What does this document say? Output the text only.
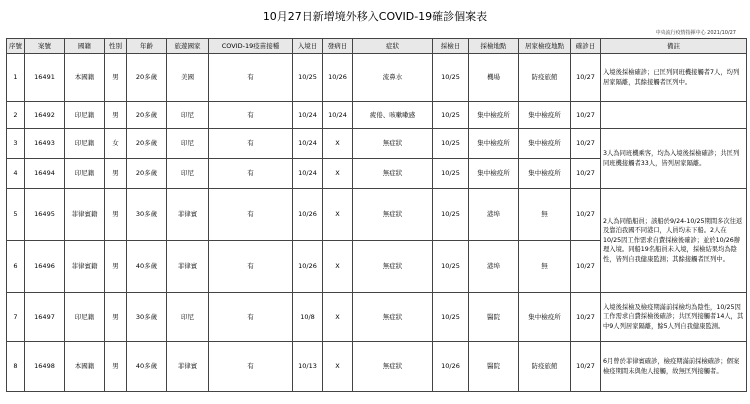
10月27日新增境外移入COVID-19確診個案表
中央流行疫情指揮中心 2021/10/27
序號	案號	國籍	性別	年齡	旅遊國家	COVID-19疫苗接種	入境日	發病日	症狀	採檢日	採檢地點	居家檢疫地點	確診日	備註
1	16491	本國籍	男	20多歲	美國	有	10/25	10/26	流鼻水	10/25	機場	防疫旅館	10/27	入境後採檢確診；已匡列同班機接觸者7人，均列居家隔離，其餘接觸者匡列中。
2	16492	印尼籍	男	20多歲	印尼	有	10/24	10/24	疲倦、咳嗽嗽感	10/25	集中檢疫所	集中檢疫所	10/27	
3	16493	印尼籍	女	20多歲	印尼	有	10/24	X	無症狀	10/25	集中檢疫所	集中檢疫所	10/27	3人為同班機乘客，均為入境後採檢確診；共匡列同班機接觸者33人，皆列居家隔離。
4	16494	印尼籍	男	20多歲	印尼	有	10/24	X	無症狀	10/25	集中檢疫所	集中檢疫所	10/27	
5	16495	菲律賓籍	男	30多歲	菲律賓	有	10/26	X	無症狀	10/25	港埠	無	10/27	2人為同船船員；該船於9/24-10/25期間多次往返及靠泊我國不同港口，人員均未下船。2人在10/25因工作需求自費採檢後確診；並於10/26辦理入境。同船19名船員未入境，採檢結果均為陰性，皆列自我健康監測；其餘接觸者匡列中。
6	16496	菲律賓籍	男	40多歲	菲律賓	有	10/26	X	無症狀	10/25	港埠	無	10/27	
7	16497	印尼籍	男	30多歲	印尼	有	10/8	X	無症狀	10/25	醫院	集中檢疫所	10/27	入境後採檢及檢疫期滿前採檢均為陰性，10/25因工作需求自費採檢後確診；共匡列接觸者14人，其中9人列居家隔離，餘5人列自我健康監測。
8	16498	本國籍	男	40多歲	菲律賓	有	10/13	X	無症狀	10/26	醫院	防疫旅館	10/27	6月曾於菲律賓確診，檢疫期滿前採檢確診；個案檢疫期間未與他人接觸，故無匡列接觸者。
